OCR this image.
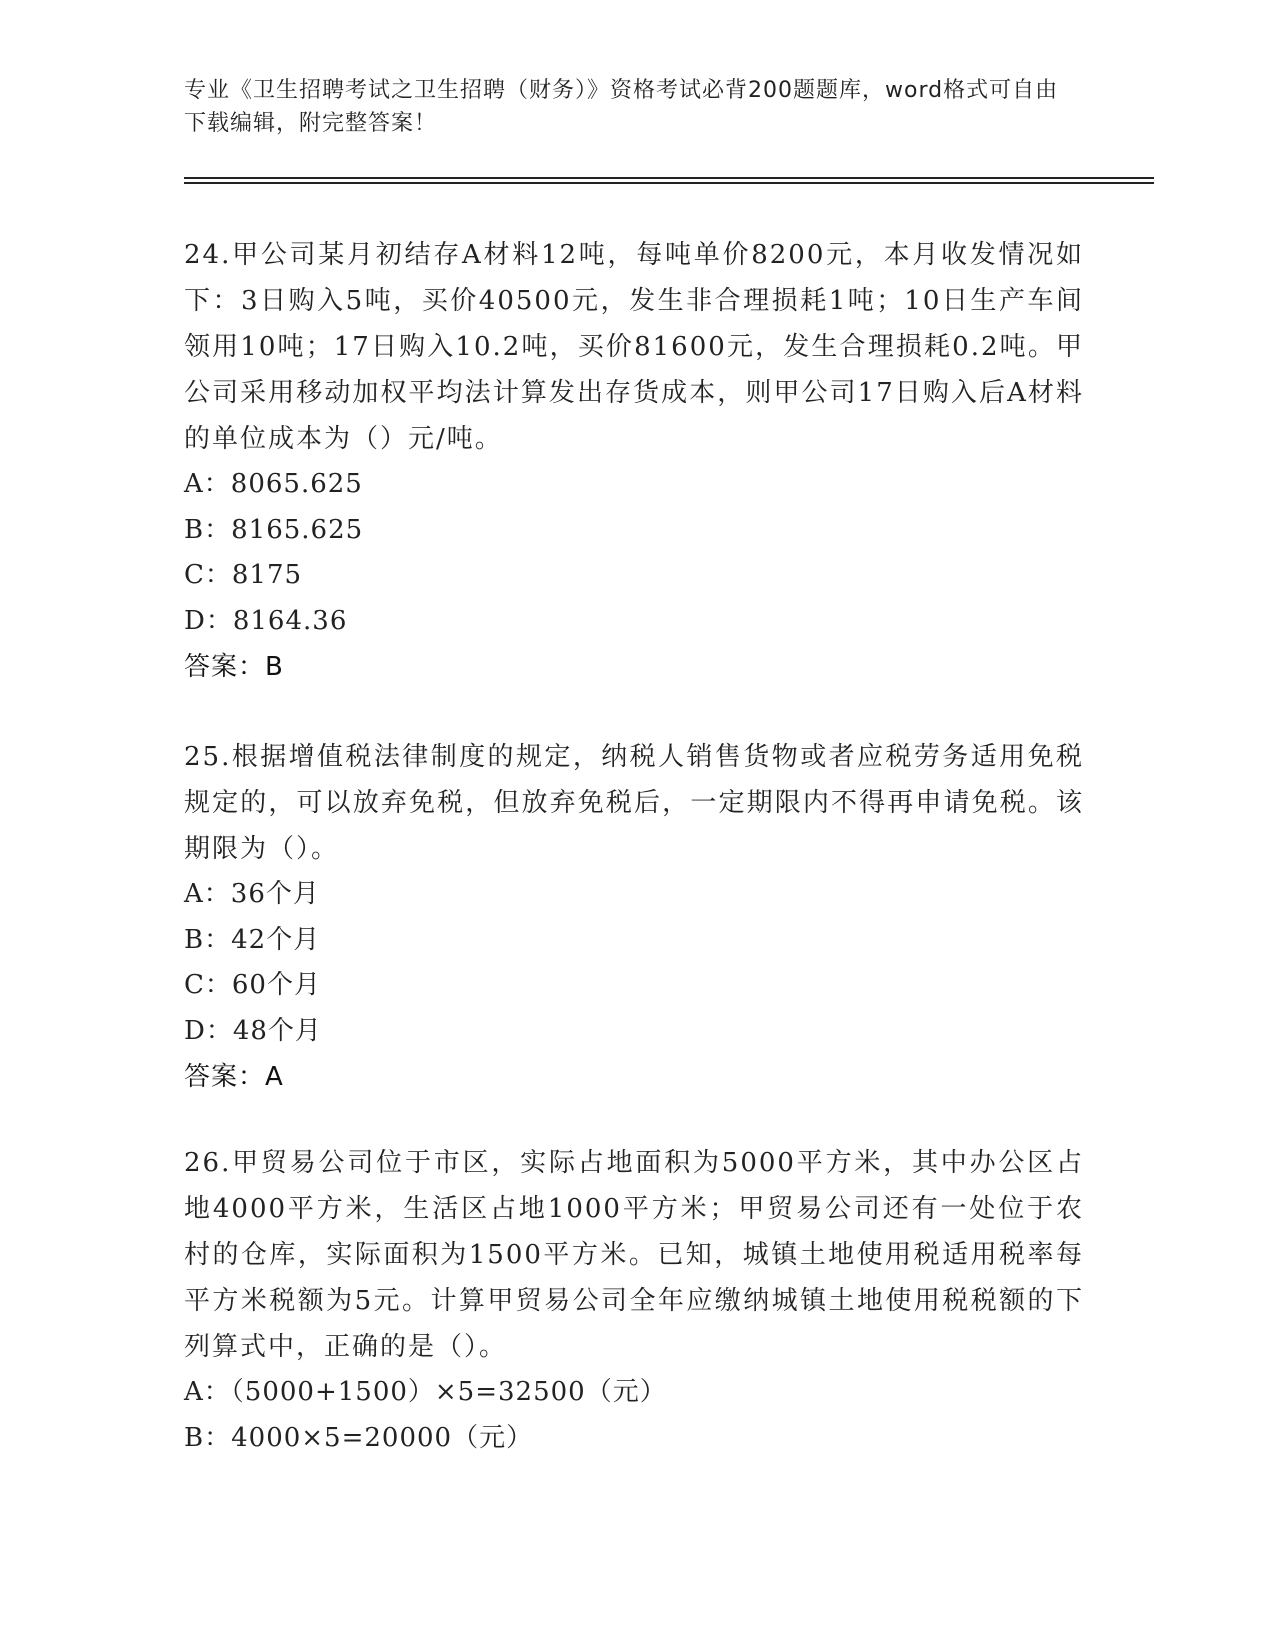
专业《卫生招聘考试之卫生招聘（财务）》资格考试必背200题题库，word格式可自由下载编辑，附完整答案！

24.甲公司某月初结存A材料12吨，每吨单价8200元，本月收发情况如下：3日购入5吨，买价40500元，发生非合理损耗1吨；10日生产车间领用10吨；17日购入10.2吨，买价81600元，发生合理损耗0.2吨。甲公司采用移动加权平均法计算发出存货成本，则甲公司17日购入后A材料的单位成本为（）元/吨。

A：8065.625

B：8165.625

C：8175

D：8164.36

答案：B

25.根据增值税法律制度的规定，纳税人销售货物或者应税劳务适用免税规定的，可以放弃免税，但放弃免税后，一定期限内不得再申请免税。该期限为（）。

A：36个月

B：42个月

C：60个月

D：48个月

答案：A

26.甲贸易公司位于市区，实际占地面积为5000平方米，其中办公区占地4000平方米，生活区占地1000平方米；甲贸易公司还有一处位于农村的仓库，实际面积为1500平方米。已知，城镇土地使用税适用税率每平方米税额为5元。计算甲贸易公司全年应缴纳城镇土地使用税税额的下列算式中，正确的是（）。

A：（5000+1500）×5=32500（元）

B：4000×5=20000（元）
